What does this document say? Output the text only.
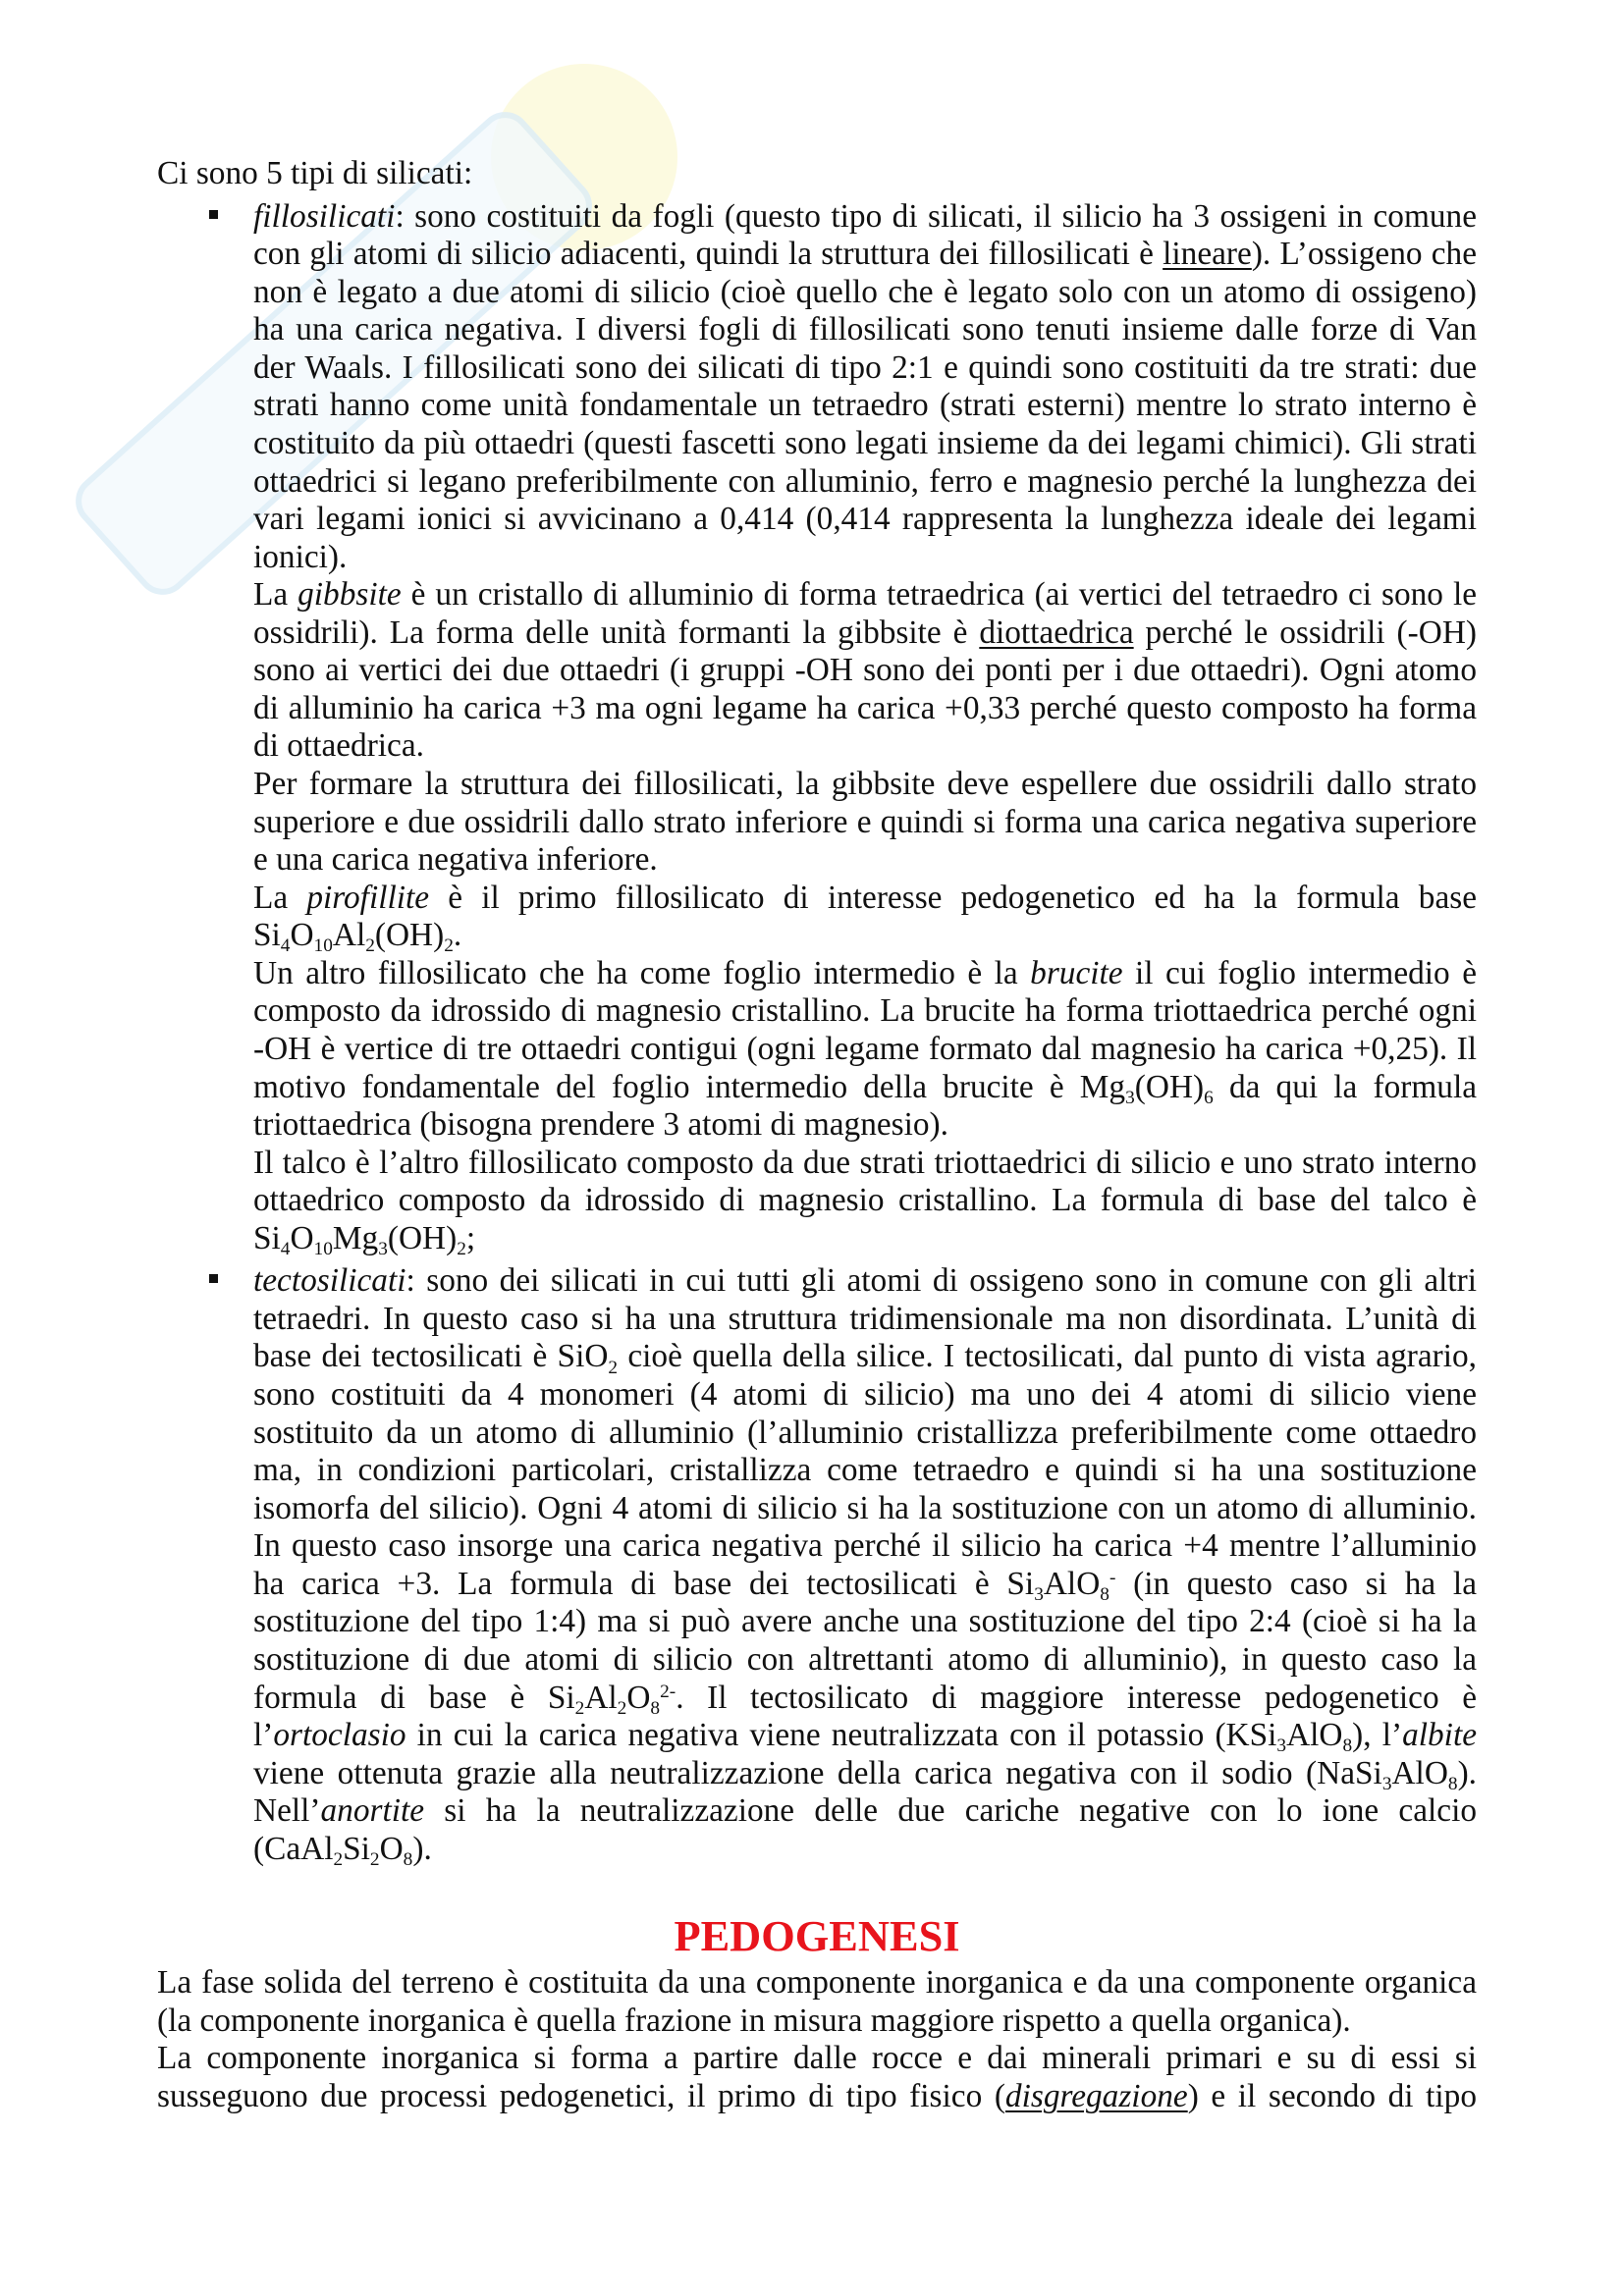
Ci sono 5 tipi di silicati:
fillosilicati: sono costituiti da fogli (questo tipo di silicati, il silicio ha 3 ossigeni in comune
con gli atomi di silicio adiacenti, quindi la struttura dei fillosilicati è lineare). L’ossigeno che
non è legato a due atomi di silicio (cioè quello che è legato solo con un atomo di ossigeno)
ha una carica negativa. I diversi fogli di fillosilicati sono tenuti insieme dalle forze di Van
der Waals. I fillosilicati sono dei silicati di tipo 2:1 e quindi sono costituiti da tre strati: due
strati hanno come unità fondamentale un tetraedro (strati esterni) mentre lo strato interno è
costituito da più ottaedri (questi fascetti sono legati insieme da dei legami chimici). Gli strati
ottaedrici si legano preferibilmente con alluminio, ferro e magnesio perché la lunghezza dei
vari legami ionici si avvicinano a 0,414 (0,414 rappresenta la lunghezza ideale dei legami
ionici).
La gibbsite è un cristallo di alluminio di forma tetraedrica (ai vertici del tetraedro ci sono le
ossidrili). La forma delle unità formanti la gibbsite è diottaedrica perché le ossidrili (-OH)
sono ai vertici dei due ottaedri (i gruppi -OH sono dei ponti per i due ottaedri). Ogni atomo
di alluminio ha carica +3 ma ogni legame ha carica +0,33 perché questo composto ha forma
di ottaedrica.
Per formare la struttura dei fillosilicati, la gibbsite deve espellere due ossidrili dallo strato
superiore e due ossidrili dallo strato inferiore e quindi si forma una carica negativa superiore
e una carica negativa inferiore.
La pirofillite è il primo fillosilicato di interesse pedogenetico ed ha la formula base
Si4O10Al2(OH)2.
Un altro fillosilicato che ha come foglio intermedio è la brucite il cui foglio intermedio è
composto da idrossido di magnesio cristallino. La brucite ha forma triottaedrica perché ogni
-OH è vertice di tre ottaedri contigui (ogni legame formato dal magnesio ha carica +0,25). Il
motivo fondamentale del foglio intermedio della brucite è Mg3(OH)6 da qui la formula
triottaedrica (bisogna prendere 3 atomi di magnesio).
Il talco è l’altro fillosilicato composto da due strati triottaedrici di silicio e uno strato interno
ottaedrico composto da idrossido di magnesio cristallino. La formula di base del talco è
Si4O10Mg3(OH)2;
tectosilicati: sono dei silicati in cui tutti gli atomi di ossigeno sono in comune con gli altri
tetraedri. In questo caso si ha una struttura tridimensionale ma non disordinata. L’unità di
base dei tectosilicati è SiO2 cioè quella della silice. I tectosilicati, dal punto di vista agrario,
sono costituiti da 4 monomeri (4 atomi di silicio) ma uno dei 4 atomi di silicio viene
sostituito da un atomo di alluminio (l’alluminio cristallizza preferibilmente come ottaedro
ma, in condizioni particolari, cristallizza come tetraedro e quindi si ha una sostituzione
isomorfa del silicio). Ogni 4 atomi di silicio si ha la sostituzione con un atomo di alluminio.
In questo caso insorge una carica negativa perché il silicio ha carica +4 mentre l’alluminio
ha carica +3. La formula di base dei tectosilicati è Si3AlO8- (in questo caso si ha la
sostituzione del tipo 1:4) ma si può avere anche una sostituzione del tipo 2:4 (cioè si ha la
sostituzione di due atomi di silicio con altrettanti atomo di alluminio), in questo caso la
formula di base è $Si2Al2O8^{2-}$. Il tectosilicato di maggiore interesse pedogenetico è
l’ortoclasio in cui la carica negativa viene neutralizzata con il potassio (KSi3AlO8), l’albite
viene ottenuta grazie alla neutralizzazione della carica negativa con il sodio (NaSi3AlO8).
Nell’anortite si ha la neutralizzazione delle due cariche negative con lo ione calcio
(CaAl2Si2O8).
PEDOGENESI
La fase solida del terreno è costituita da una componente inorganica e da una componente organica
(la componente inorganica è quella frazione in misura maggiore rispetto a quella organica).
La componente inorganica si forma a partire dalle rocce e dai minerali primari e su di essi si
susseguono due processi pedogenetici, il primo di tipo fisico (disgregazione) e il secondo di tipo
